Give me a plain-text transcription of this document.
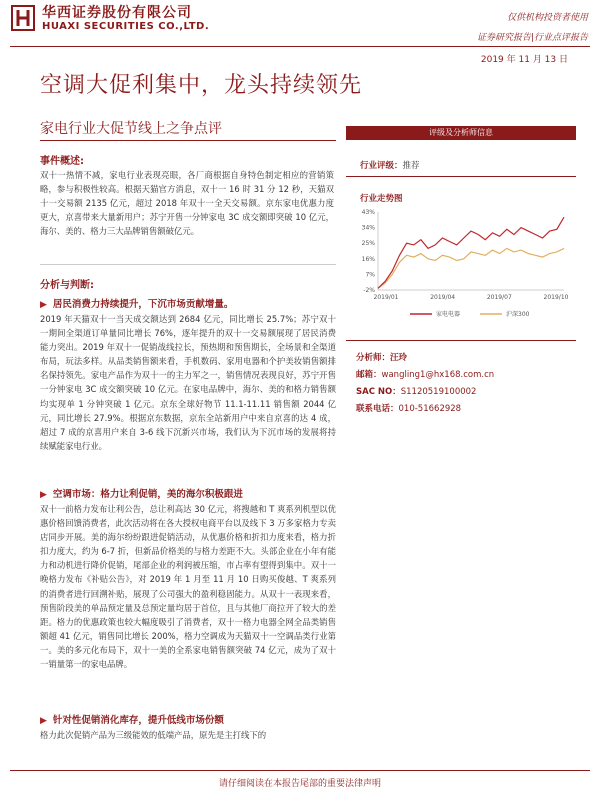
华西证券股份有限公司
HUAXI SECURITIES CO.,LTD.
仅供机构投资者使用
证券研究报告|行业点评报告
2019 年 11 月 13 日
空调大促利集中，龙头持续领先
家电行业大促节线上之争点评
事件概述:
双十一热情不减，家电行业表现亮眼，各厂商根据自身特色制定相应的营销策略，参与积极性较高。根据天猫官方消息，双十一 16 时 31 分 12 秒，天猫双十一交易额 2135 亿元，超过 2018 年双十一全天交易额。京东家电优惠力度更大，京喜带来大量新用户；苏宁开售一分钟家电 3C 成交额即突破 10 亿元，海尔、美的、格力三大品牌销售额破亿元。
分析与判断:
▶ 居民消费力持续提升，下沉市场贡献增量。
2019 年天猫双十一当天成交额达到 2684 亿元，同比增长 25.7%；苏宁双十一期间全渠道订单量同比增长 76%，逐年提升的双十一交易额展现了居民消费能力突出。2019 年双十一促销战线拉长，预热期和预售期长，全场景和全渠道布局，玩法多样。从品类销售额来看，手机数码、家用电器和个护美妆销售额排名保持领先。家电产品作为双十一的主力军之一，销售情况表现良好，苏宁开售一分钟家电 3C 成交额突破 10 亿元。在家电品牌中，海尔、美的和格力销售额均实现单 1 分钟突破 1 亿元。京东全球好物节 11.1-11.11 销售额 2044 亿元，同比增长 27.9%。根据京东数据，京东全站新用户中来自京喜的达 4 成，超过 7 成的京喜用户来自 3-6 线下沉新兴市场，我们认为下沉市场的发展将持续赋能家电行业。
▶ 空调市场：格力让利促销，美的海尔积极跟进
双十一前格力发布让利公告，总让利高达 30 亿元，将搜越和 T 爽系列机型以优惠价格回馈消费者，此次活动将在各大授权电商平台以及线下 3 万多家格力专卖店同步开展。美的海尔纷纷跟进促销活动，从优惠价格和折扣力度来看，格力折扣力度大，约为 6-7 折，但新品价格美的与格力差距不大。头部企业在小年有能力和动机进行降价促销，尾部企业的利润被压缩，市占率有望得到集中。双十一晚格力发布《补贴公告》，对 2019 年 1 月至 11 月 10 日购买俊越、T 爽系列的消费者进行回溯补贴，展现了公司强大的盈利稳固能力。从双十一表现来看，预售阶段美的单品预定量及总预定量均居于首位，且与其他厂商拉开了较大的差距。格力的优惠政策也较大幅度吸引了消费者，双十一格力电器全网全品类销售额超 41 亿元，销售同比增长 200%，格力空调成为天猫双十一空调品类行业第一。美的多元化布局下，双十一美的全系家电销售额突破 74 亿元，成为了双十一销量第一的家电品牌。
▶ 针对性促销消化库存，提升低线市场份额
格力此次促销产品为三级能效的低端产品，原先是主打线下的
评级及分析师信息
行业评级：推荐
行业走势图
-2%
7%
16%
25%
34%
43%
2019/01	2019/04	2019/07	2019/10
家电电器	沪深300
分析师：汪玲
邮箱：wangling1@hx168.com.cn
SAC NO：S1120519100002
联系电话：010-51662928
请仔细阅读在本报告尾部的重要法律声明
